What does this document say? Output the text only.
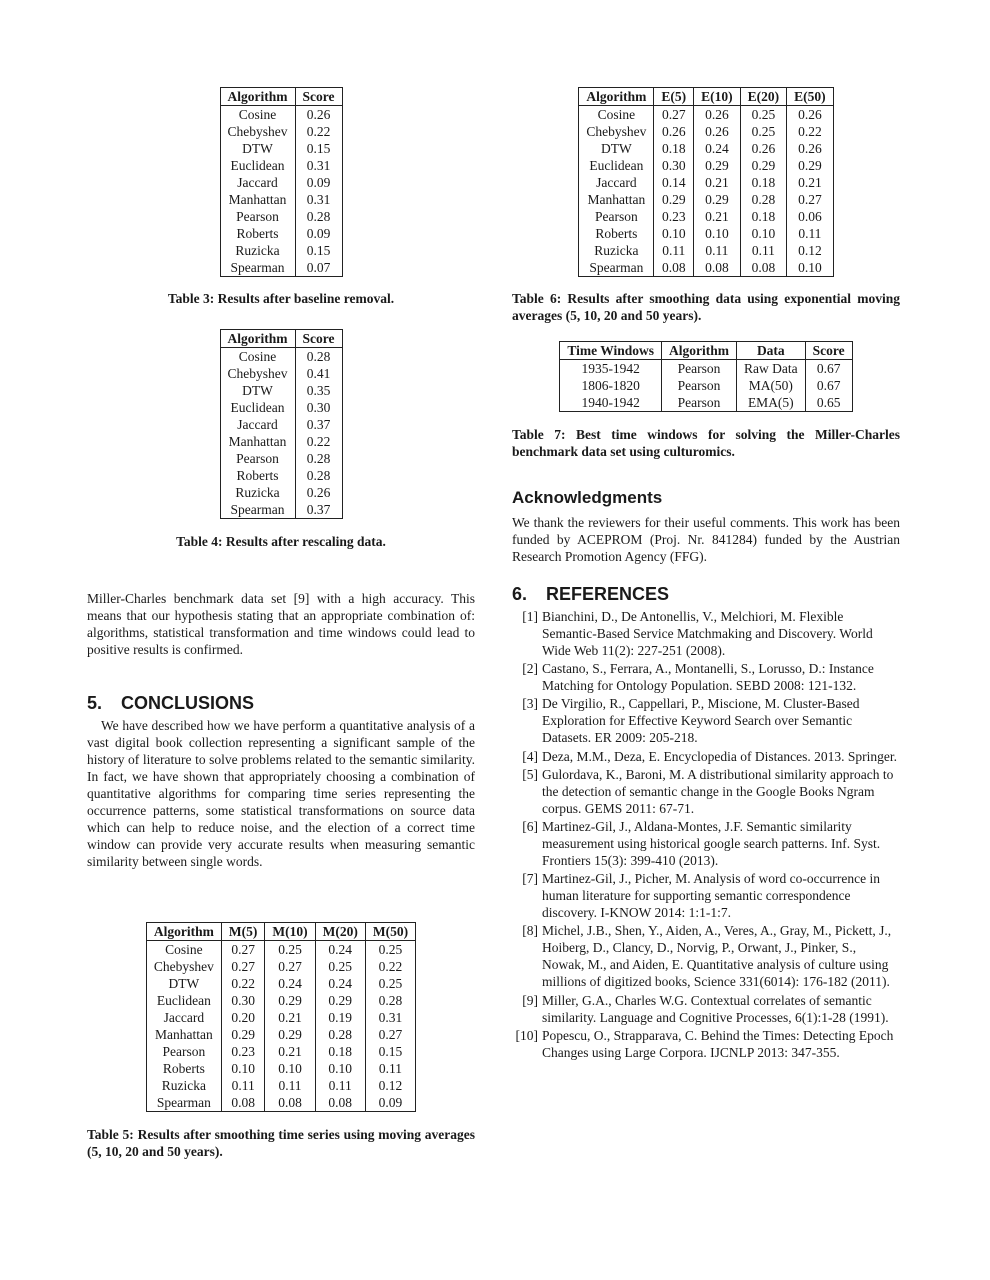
Algorithm	Score
Cosine	0.26
Chebyshev	0.22
DTW	0.15
Euclidean	0.31
Jaccard	0.09
Manhattan	0.31
Pearson	0.28
Roberts	0.09
Ruzicka	0.15
Spearman	0.07
Table 3: Results after baseline removal.
Algorithm	Score
Cosine	0.28
Chebyshev	0.41
DTW	0.35
Euclidean	0.30
Jaccard	0.37
Manhattan	0.22
Pearson	0.28
Roberts	0.28
Ruzicka	0.26
Spearman	0.37
Table 4: Results after rescaling data.

Miller-Charles benchmark data set [9] with a high accuracy. This means that our hypothesis stating that an appropriate combination of: algorithms, statistical transformation and time windows could lead to positive results is confirmed.

5. CONCLUSIONS

We have described how we have perform a quantitative analysis of a vast digital book collection representing a significant sample of the history of literature to solve problems related to the semantic similarity. In fact, we have shown that appropriately choosing a combination of quantitative algorithms for comparing time series representing the occurrence patterns, some statistical transformations on source data which can help to reduce noise, and the election of a correct time window can provide very accurate results when measuring semantic similarity between single words.

Algorithm	M(5)	M(10)	M(20)	M(50)
Cosine	0.27	0.25	0.24	0.25
Chebyshev	0.27	0.27	0.25	0.22
DTW	0.22	0.24	0.24	0.25
Euclidean	0.30	0.29	0.29	0.28
Jaccard	0.20	0.21	0.19	0.31
Manhattan	0.29	0.29	0.28	0.27
Pearson	0.23	0.21	0.18	0.15
Roberts	0.10	0.10	0.10	0.11
Ruzicka	0.11	0.11	0.11	0.12
Spearman	0.08	0.08	0.08	0.09
Table 5: Results after smoothing time series using moving averages (5, 10, 20 and 50 years).
Algorithm	E(5)	E(10)	E(20)	E(50)
Cosine	0.27	0.26	0.25	0.26
Chebyshev	0.26	0.26	0.25	0.22
DTW	0.18	0.24	0.26	0.26
Euclidean	0.30	0.29	0.29	0.29
Jaccard	0.14	0.21	0.18	0.21
Manhattan	0.29	0.29	0.28	0.27
Pearson	0.23	0.21	0.18	0.06
Roberts	0.10	0.10	0.10	0.11
Ruzicka	0.11	0.11	0.11	0.12
Spearman	0.08	0.08	0.08	0.10
Table 6: Results after smoothing data using exponential moving averages (5, 10, 20 and 50 years).
Time Windows	Algorithm	Data	Score
1935-1942	Pearson	Raw Data	0.67
1806-1820	Pearson	MA(50)	0.67
1940-1942	Pearson	EMA(5)	0.65
Table 7: Best time windows for solving the Miller-Charles benchmark data set using culturomics.
Acknowledgments

We thank the reviewers for their useful comments. This work has been funded by ACEPROM (Proj. Nr. 841284) funded by the Austrian Research Promotion Agency (FFG).

6. REFERENCES
[1] Bianchini, D., De Antonellis, V., Melchiori, M. Flexible Semantic-Based Service Matchmaking and Discovery. World Wide Web 11(2): 227-251 (2008).
[2] Castano, S., Ferrara, A., Montanelli, S., Lorusso, D.: Instance Matching for Ontology Population. SEBD 2008: 121-132.
[3] De Virgilio, R., Cappellari, P., Miscione, M. Cluster-Based Exploration for Effective Keyword Search over Semantic Datasets. ER 2009: 205-218.
[4] Deza, M.M., Deza, E. Encyclopedia of Distances. 2013. Springer.
[5] Gulordava, K., Baroni, M. A distributional similarity approach to the detection of semantic change in the Google Books Ngram corpus. GEMS 2011: 67-71.
[6] Martinez-Gil, J., Aldana-Montes, J.F. Semantic similarity measurement using historical google search patterns. Inf. Syst. Frontiers 15(3): 399-410 (2013).
[7] Martinez-Gil, J., Picher, M. Analysis of word co-occurrence in human literature for supporting semantic correspondence discovery. I-KNOW 2014: 1:1-1:7.
[8] Michel, J.B., Shen, Y., Aiden, A., Veres, A., Gray, M., Pickett, J., Hoiberg, D., Clancy, D., Norvig, P., Orwant, J., Pinker, S., Nowak, M., and Aiden, E. Quantitative analysis of culture using millions of digitized books, Science 331(6014): 176-182 (2011).
[9] Miller, G.A., Charles W.G. Contextual correlates of semantic similarity. Language and Cognitive Processes, 6(1):1-28 (1991).
[10] Popescu, O., Strapparava, C. Behind the Times: Detecting Epoch Changes using Large Corpora. IJCNLP 2013: 347-355.
